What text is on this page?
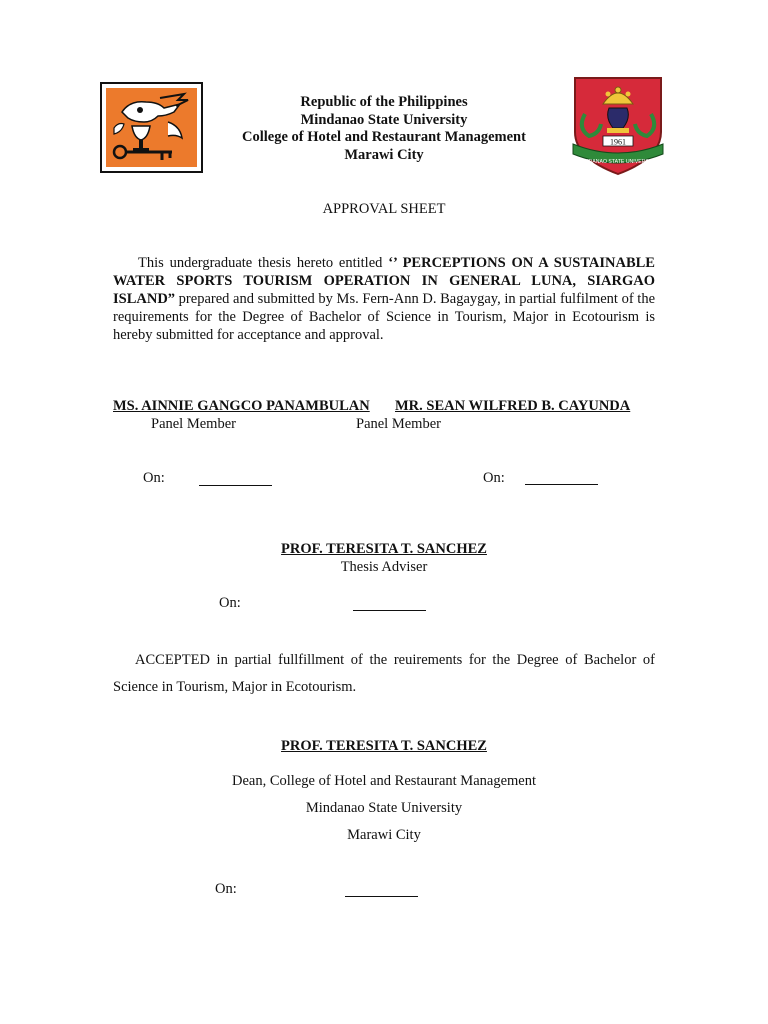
1961
MINDANAO STATE UNIVERSITY
Republic of the Philippines
Mindanao State University
College of Hotel and Restaurant Management
Marawi City
APPROVAL SHEET
This undergraduate thesis hereto entitled ‘’ PERCEPTIONS ON A SUSTAINABLE WATER SPORTS TOURISM OPERATION IN GENERAL LUNA, SIARGAO ISLAND” prepared and submitted by Ms. Fern-Ann D. Bagaygay, in partial fulfilment of the requirements for the Degree of Bachelor of Science in Tourism, Major in Ecotourism is hereby submitted for acceptance and approval.
MS. AINNIE GANGCO PANAMBULAN MR. SEAN WILFRED B. CAYUNDA
Panel Member	Panel Member
On:	On:
PROF. TERESITA T. SANCHEZ
Thesis Adviser
On:
ACCEPTED in partial fullfillment of the reuirements for the Degree of Bachelor of Science in Tourism, Major in Ecotourism.
PROF. TERESITA T. SANCHEZ
Dean, College of Hotel and Restaurant Management
Mindanao State University
Marawi City
On:
